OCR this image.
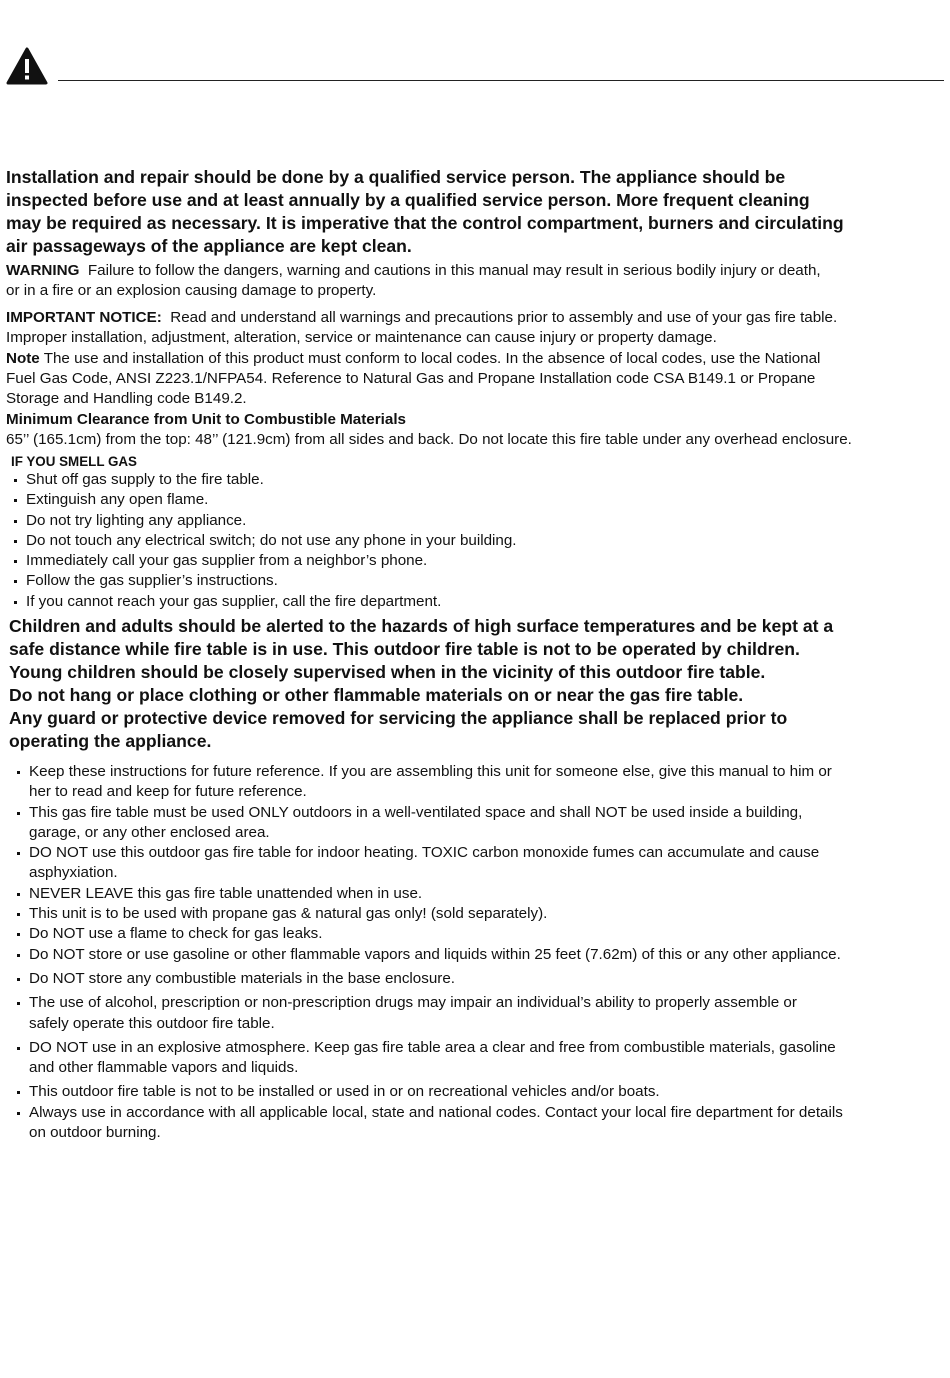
Installation and repair should be done by a qualified service person. The appliance should be
inspected before use and at least annually by a qualified service person. More frequent cleaning
may be required as necessary. It is imperative that the control compartment, burners and circulating
air passageways of the appliance are kept clean.
WARNING Failure to follow the dangers, warning and cautions in this manual may result in serious bodily injury or death,
or in a fire or an explosion causing damage to property.
IMPORTANT NOTICE: Read and understand all warnings and precautions prior to assembly and use of your gas fire table.
Improper installation, adjustment, alteration, service or maintenance can cause injury or property damage.
Note The use and installation of this product must conform to local codes. In the absence of local codes, use the National
Fuel Gas Code, ANSI Z223.1/NFPA54. Reference to Natural Gas and Propane Installation code CSA B149.1 or Propane
Storage and Handling code B149.2.
Minimum Clearance from Unit to Combustible Materials
65’’ (165.1cm) from the top: 48’’ (121.9cm) from all sides and back. Do not locate this fire table under any overhead enclosure.
IF YOU SMELL GAS
Shut off gas supply to the fire table.
Extinguish any open flame.
Do not try lighting any appliance.
Do not touch any electrical switch; do not use any phone in your building.
Immediately call your gas supplier from a neighbor’s phone.
Follow the gas supplier’s instructions.
If you cannot reach your gas supplier, call the fire department.
Children and adults should be alerted to the hazards of high surface temperatures and be kept at a
safe distance while fire table is in use. This outdoor fire table is not to be operated by children.
Young children should be closely supervised when in the vicinity of this outdoor fire table.
Do not hang or place clothing or other flammable materials on or near the gas fire table.
Any guard or protective device removed for servicing the appliance shall be replaced prior to
operating the appliance.
Keep these instructions for future reference. If you are assembling this unit for someone else, give this manual to him or
her to read and keep for future reference.
This gas fire table must be used ONLY outdoors in a well-ventilated space and shall NOT be used inside a building,
garage, or any other enclosed area.
DO NOT use this outdoor gas fire table for indoor heating. TOXIC carbon monoxide fumes can accumulate and cause
asphyxiation.
NEVER LEAVE this gas fire table unattended when in use.
This unit is to be used with propane gas & natural gas only! (sold separately).
Do NOT use a flame to check for gas leaks.
Do NOT store or use gasoline or other flammable vapors and liquids within 25 feet (7.62m) of this or any other appliance.
Do NOT store any combustible materials in the base enclosure.
The use of alcohol, prescription or non-prescription drugs may impair an individual’s ability to properly assemble or
safely operate this outdoor fire table.
DO NOT use in an explosive atmosphere. Keep gas fire table area a clear and free from combustible materials, gasoline
and other flammable vapors and liquids.
This outdoor fire table is not to be installed or used in or on recreational vehicles and/or boats.
Always use in accordance with all applicable local, state and national codes. Contact your local fire department for details
on outdoor burning.
